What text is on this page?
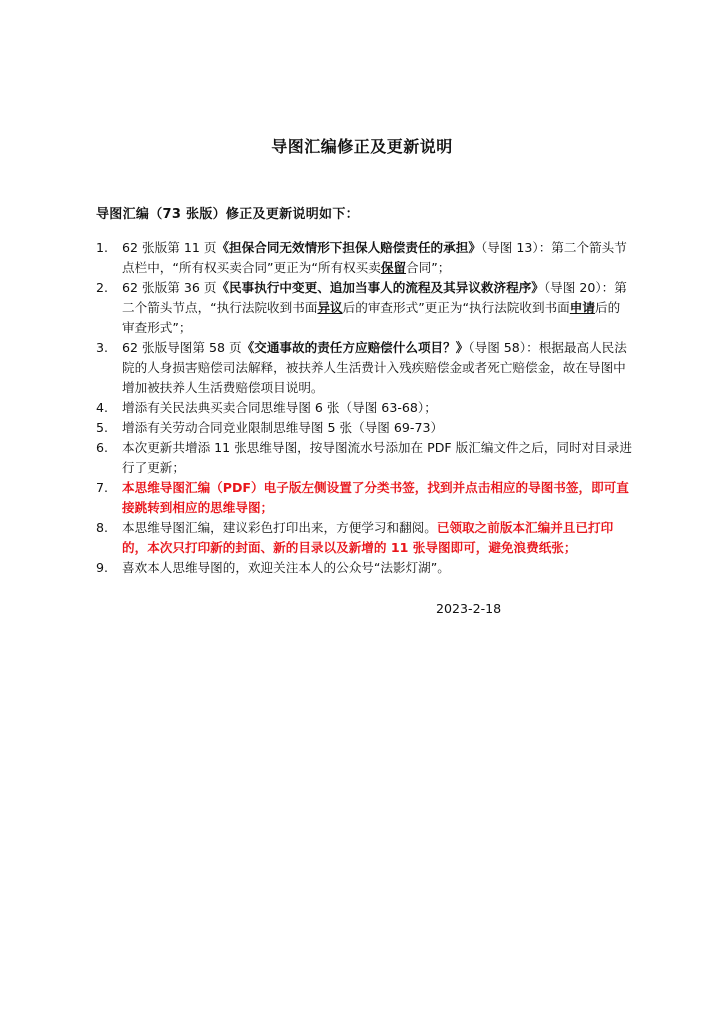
导图汇编修正及更新说明
导图汇编（73 张版）修正及更新说明如下：
1. 62 张版第 11 页《担保合同无效情形下担保人赔偿责任的承担》（导图 13）：第二个箭头节点栏中，“所有权买卖合同”更正为“所有权买卖保留合同”；
2. 62 张版第 36 页《民事执行中变更、追加当事人的流程及其异议救济程序》（导图 20）：第二个箭头节点，“执行法院收到书面异议后的审查形式”更正为“执行法院收到书面申请后的审查形式”；
3. 62 张版导图第 58 页《交通事故的责任方应赔偿什么项目？》（导图 58）：根据最高人民法院的人身损害赔偿司法解释，被扶养人生活费计入残疾赔偿金或者死亡赔偿金，故在导图中增加被扶养人生活费赔偿项目说明。
4. 增添有关民法典买卖合同思维导图 6 张（导图 63-68）；
5. 增添有关劳动合同竞业限制思维导图 5 张（导图 69-73）
6. 本次更新共增添 11 张思维导图，按导图流水号添加在 PDF 版汇编文件之后，同时对目录进行了更新；
7. 本思维导图汇编（PDF）电子版左侧设置了分类书签，找到并点击相应的导图书签，即可直接跳转到相应的思维导图；
8. 本思维导图汇编，建议彩色打印出来，方便学习和翻阅。已领取之前版本汇编并且已打印的，本次只打印新的封面、新的目录以及新增的 11 张导图即可，避免浪费纸张；
9. 喜欢本人思维导图的，欢迎关注本人的公众号“法影灯湖”。
2023-2-18
